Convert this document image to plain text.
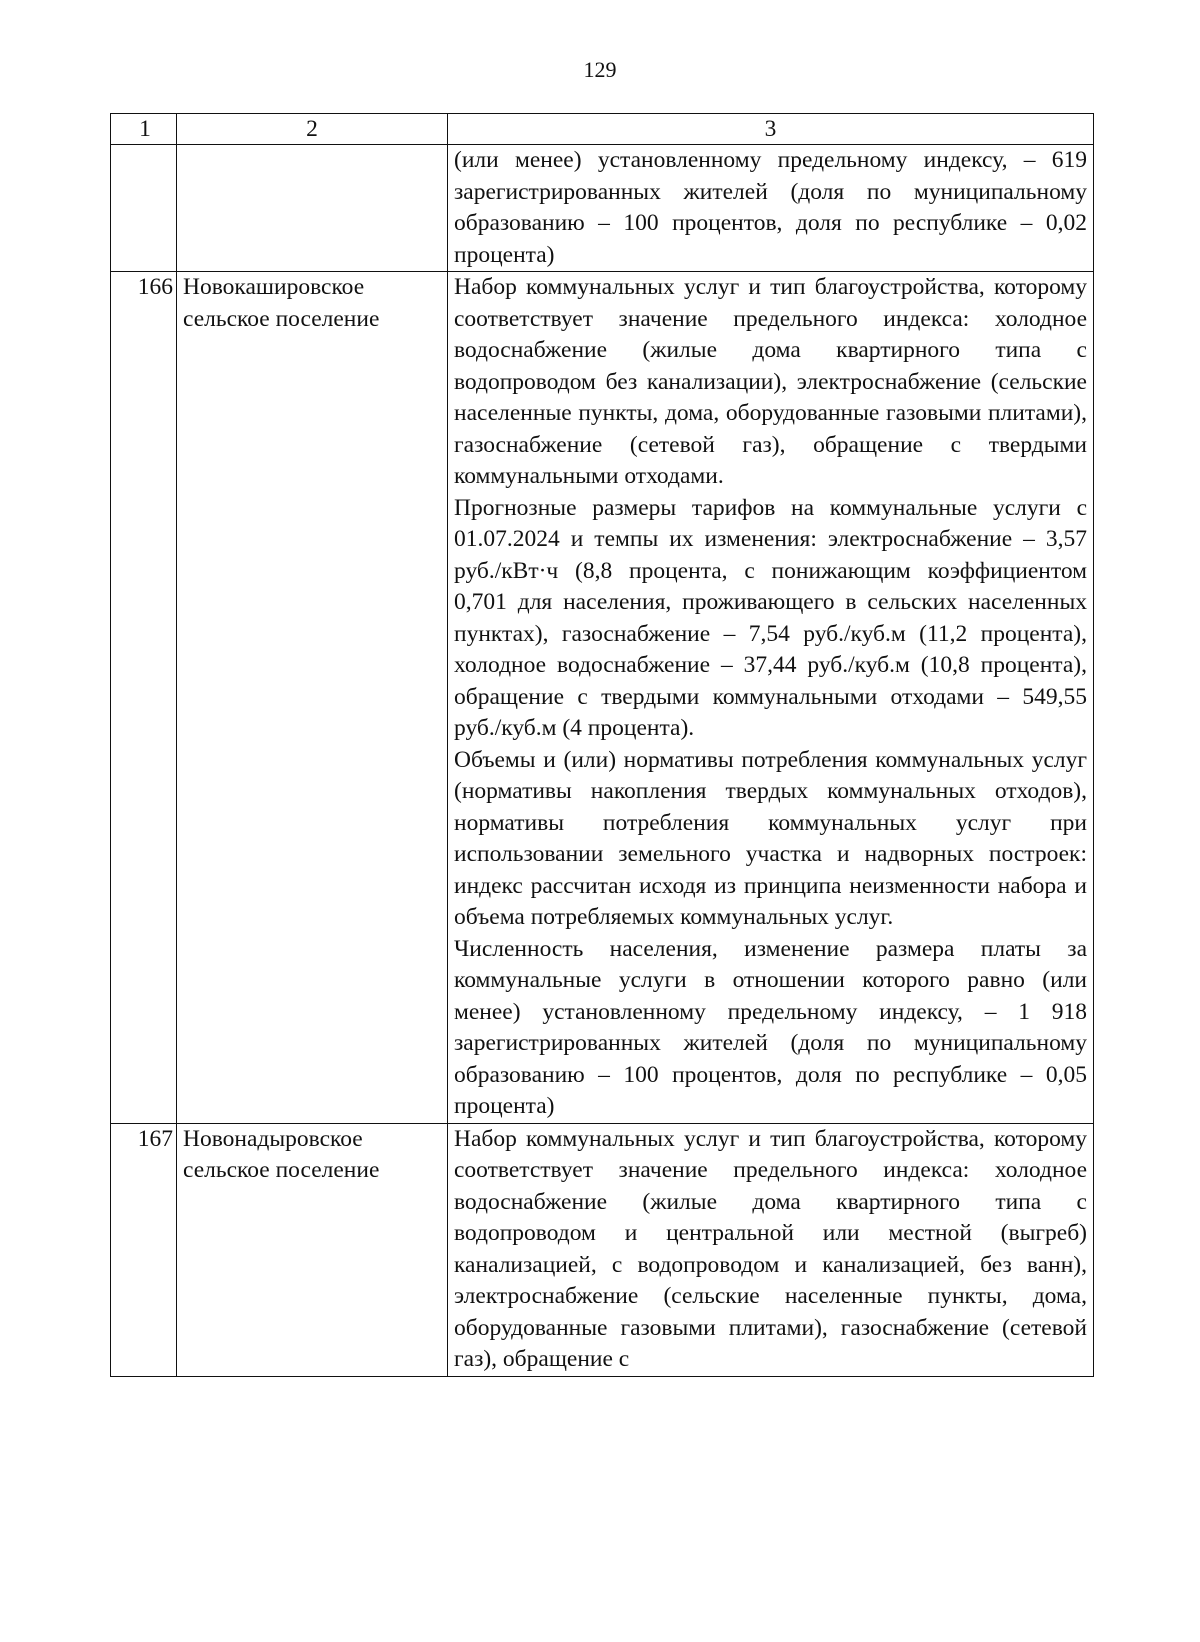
129
1	2	3

		(или менее) установленному предельному индексу, – 619 зарегистрированных жителей (доля по муниципальному образованию – 100 процентов, доля по республике – 0,02 процента)

166	Новокашировское сельское поселение	Набор коммунальных услуг и тип благоустройства, которому соответствует значение предельного индекса: холодное водоснабжение (жилые дома квартирного типа с водопроводом без канализации), электроснабжение (сельские населенные пункты, дома, оборудованные газовыми плитами), газоснабжение (сетевой газ), обращение с твердыми коммунальными отходами.

Прогнозные размеры тарифов на коммунальные услуги с 01.07.2024 и темпы их изменения: электроснабжение – 3,57 руб./кВт·ч (8,8 процента, с понижающим коэффициентом 0,701 для населения, проживающего в сельских населенных пунктах), газоснабжение – 7,54 руб./куб.м (11,2 процента), холодное водоснабжение – 37,44 руб./куб.м (10,8 процента), обращение с твердыми коммунальными отходами – 549,55 руб./куб.м (4 процента).

Объемы и (или) нормативы потребления коммунальных услуг (нормативы накопления твердых коммунальных отходов), нормативы потребления коммунальных услуг при использовании земельного участка и надворных построек: индекс рассчитан исходя из принципа неизменности набора и объема потребляемых коммунальных услуг.

Численность населения, изменение размера платы за коммунальные услуги в отношении которого равно (или менее) установленному предельному индексу, – 1 918 зарегистрированных жителей (доля по муниципальному образованию – 100 процентов, доля по республике – 0,05 процента)

167	Новонадыровское сельское поселение	Набор коммунальных услуг и тип благоустройства, которому соответствует значение предельного индекса: холодное водоснабжение (жилые дома квартирного типа с водопроводом и центральной или местной (выгреб) канализацией, с водопроводом и канализацией, без ванн), электроснабжение (сельские населенные пункты, дома, оборудованные газовыми плитами), газоснабжение (сетевой газ), обращение с
